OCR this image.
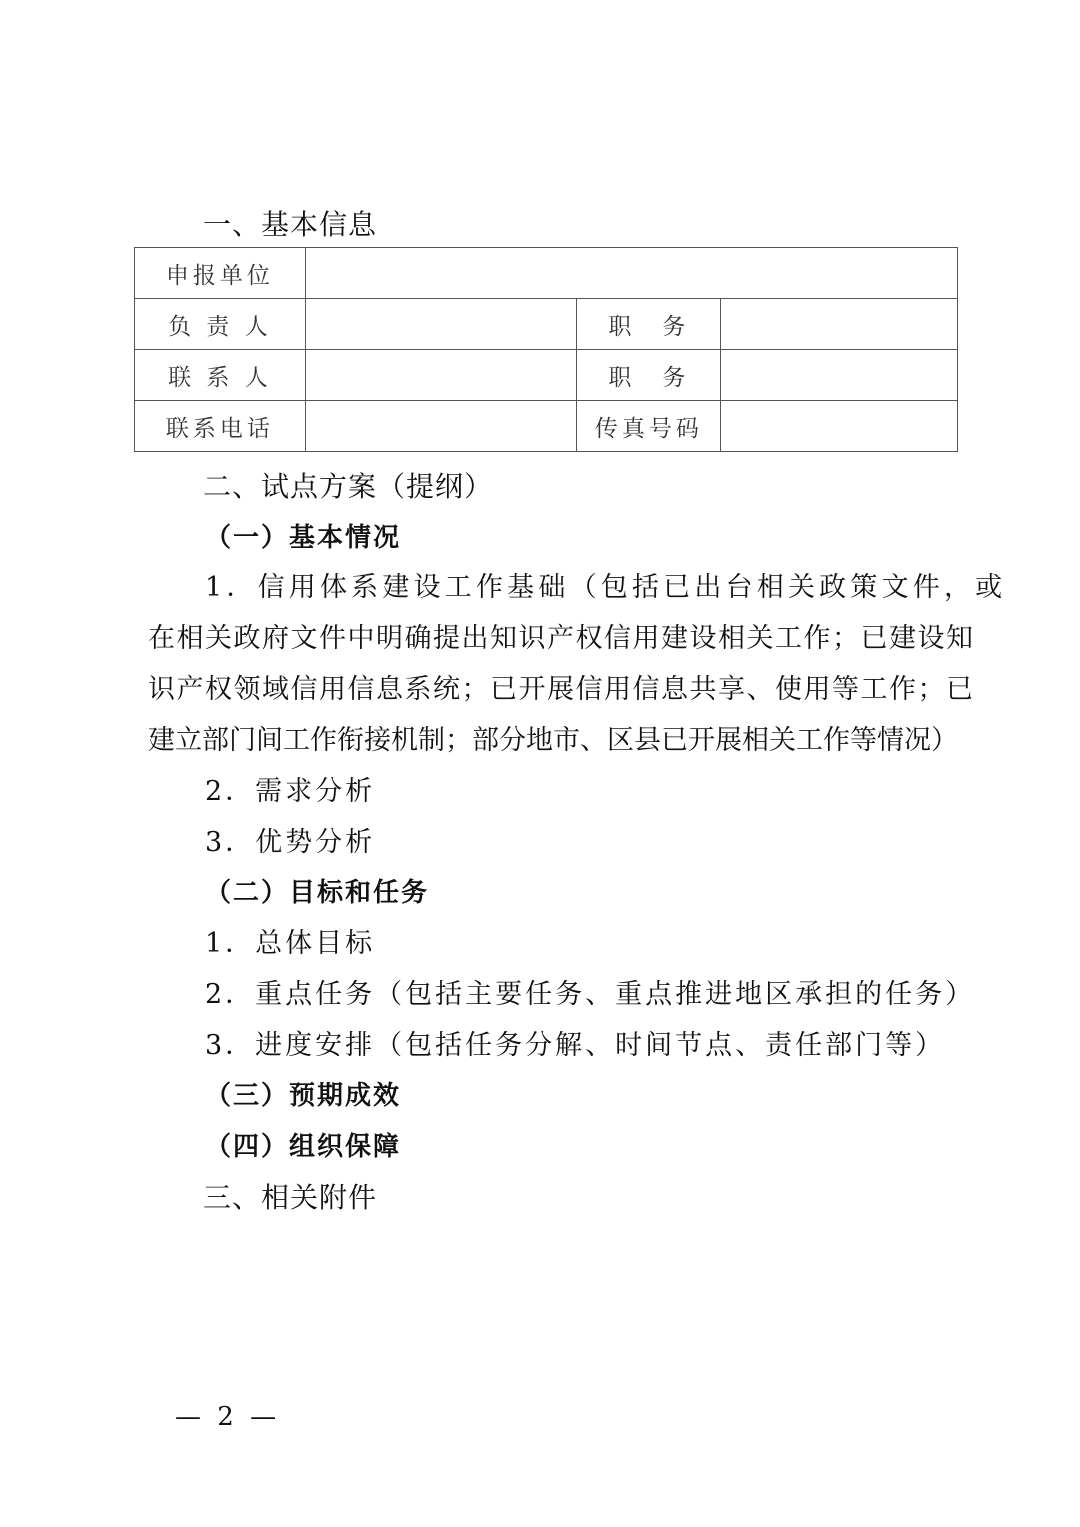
一、基本信息
申报单位			
负 责 人		职　务	
联 系 人		职　务	
联系电话		传真号码	
二、试点方案（提纲）
（一）基本情况
1．信用体系建设工作基础（包括已出台相关政策文件，或
在相关政府文件中明确提出知识产权信用建设相关工作；已建设知
识产权领域信用信息系统；已开展信用信息共享、使用等工作；已
建立部门间工作衔接机制；部分地市、区县已开展相关工作等情况）
2．需求分析
3．优势分析
（二）目标和任务
1．总体目标
2．重点任务（包括主要任务、重点推进地区承担的任务）
3．进度安排（包括任务分解、时间节点、责任部门等）
（三）预期成效
（四）组织保障
三、相关附件
— 2 —
